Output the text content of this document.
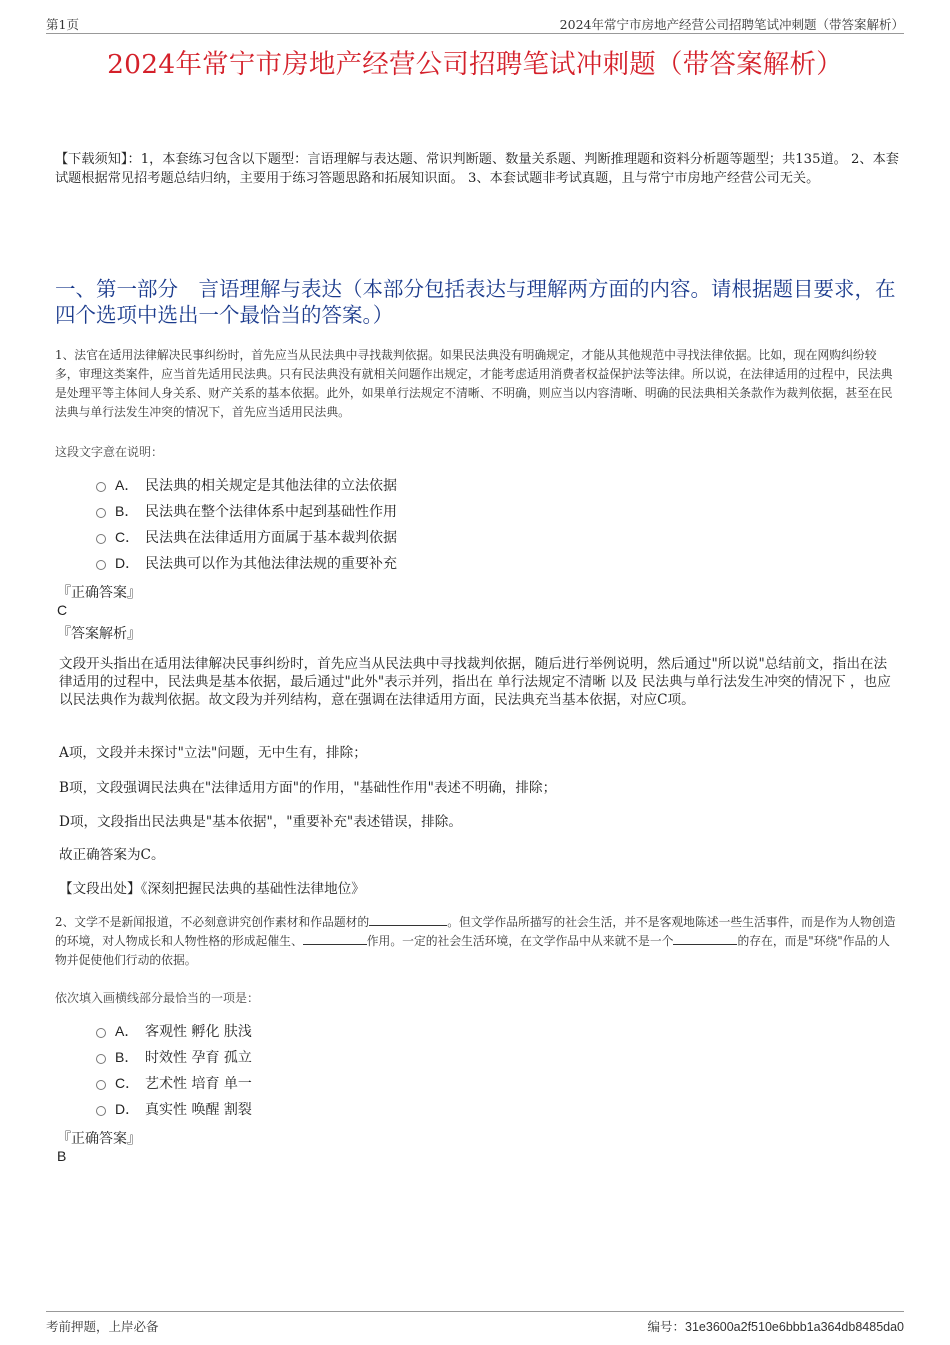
第1页	2024年常宁市房地产经营公司招聘笔试冲刺题（带答案解析）
2024年常宁市房地产经营公司招聘笔试冲刺题（带答案解析）
【下载须知】：1，本套练习包含以下题型：言语理解与表达题、常识判断题、数量关系题、判断推理题和资料分析题等题型；共135道。 2、本套试题根据常见招考题总结归纳，主要用于练习答题思路和拓展知识面。 3、本套试题非考试真题，且与常宁市房地产经营公司无关。
一、第一部分　言语理解与表达（本部分包括表达与理解两方面的内容。请根据题目要求，在四个选项中选出一个最恰当的答案。）
1、法官在适用法律解决民事纠纷时，首先应当从民法典中寻找裁判依据。如果民法典没有明确规定，才能从其他规范中寻找法律依据。比如，现在网购纠纷较多，审理这类案件，应当首先适用民法典。只有民法典没有就相关问题作出规定，才能考虑适用消费者权益保护法等法律。所以说，在法律适用的过程中，民法典是处理平等主体间人身关系、财产关系的基本依据。此外，如果单行法规定不清晰、不明确，则应当以内容清晰、明确的民法典相关条款作为裁判依据，甚至在民法典与单行法发生冲突的情况下，首先应当适用民法典。
这段文字意在说明：
A． 民法典的相关规定是其他法律的立法依据
B． 民法典在整个法律体系中起到基础性作用
C． 民法典在法律适用方面属于基本裁判依据
D． 民法典可以作为其他法律法规的重要补充
『正确答案』
C
『答案解析』
文段开头指出在适用法律解决民事纠纷时，首先应当从民法典中寻找裁判依据，随后进行举例说明，然后通过"所以说"总结前文，指出在法律适用的过程中，民法典是基本依据，最后通过"此外"表示并列，指出在 单行法规定不清晰 以及 民法典与单行法发生冲突的情况下 ，也应以民法典作为裁判依据。故文段为并列结构，意在强调在法律适用方面，民法典充当基本依据，对应C项。
A项，文段并未探讨"立法"问题，无中生有，排除；
B项，文段强调民法典在"法律适用方面"的作用，"基础性作用"表述不明确，排除；
D项，文段指出民法典是"基本依据"，"重要补充"表述错误，排除。
故正确答案为C。
【文段出处】《深刻把握民法典的基础性法律地位》
2、文学不是新闻报道，不必刻意讲究创作素材和作品题材的	。但文学作品所描写的社会生活，并不是客观地陈述一些生活事件，而是作为人物创造的环境，对人物成长和人物性格的形成起催生、	作用。一定的社会生活环境，在文学作品中从来就不是一个	的存在，而是"环绕"作品的人物并促使他们行动的依据。
依次填入画横线部分最恰当的一项是：
A． 客观性 孵化 肤浅
B． 时效性 孕育 孤立
C． 艺术性 培育 单一
D． 真实性 唤醒 割裂
『正确答案』
B
考前押题，上岸必备	编号：31e3600a2f510e6bbb1a364db8485da0
